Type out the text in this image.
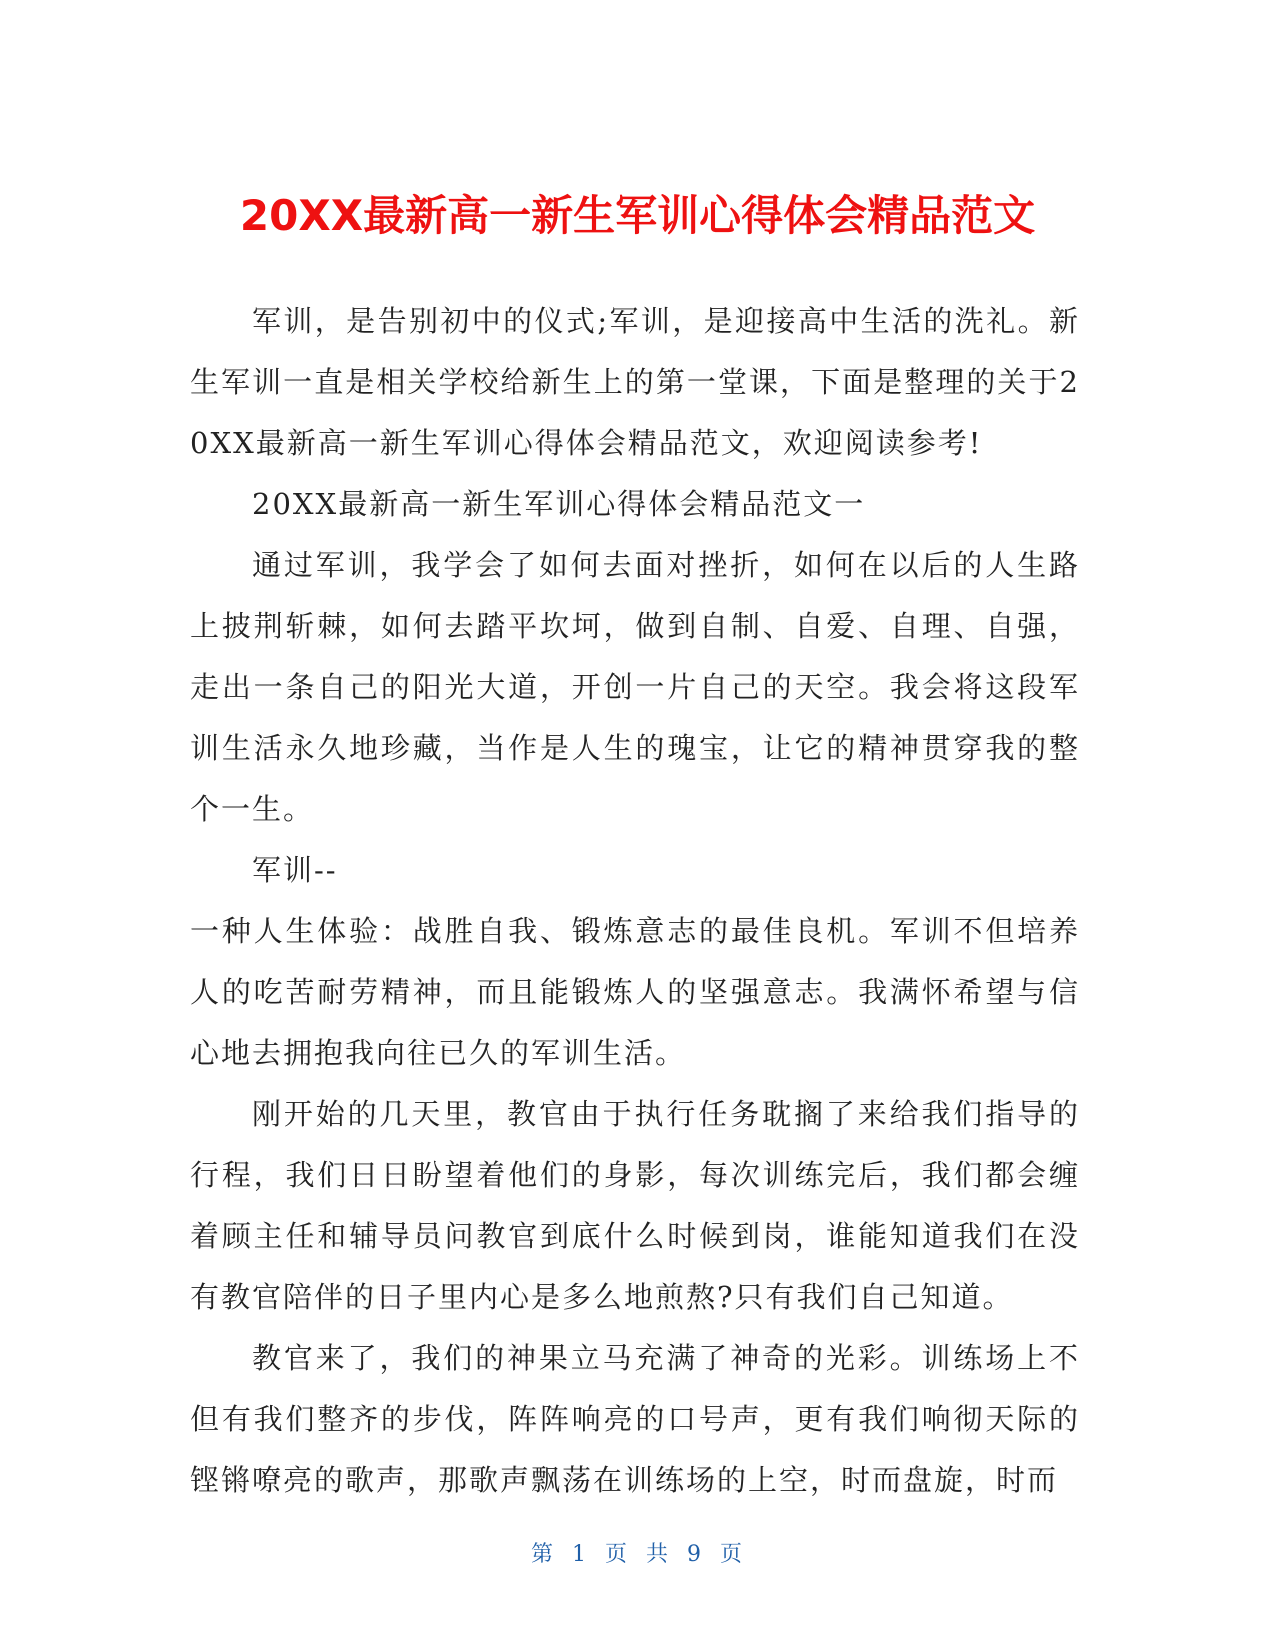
20XX最新高一新生军训心得体会精品范文

军训，是告别初中的仪式;军训，是迎接高中生活的洗礼。新生军训一直是相关学校给新生上的第一堂课，下面是整理的关于20XX最新高一新生军训心得体会精品范文，欢迎阅读参考!

20XX最新高一新生军训心得体会精品范文一

通过军训，我学会了如何去面对挫折，如何在以后的人生路上披荆斩棘，如何去踏平坎坷，做到自制、自爱、自理、自强，走出一条自己的阳光大道，开创一片自己的天空。我会将这段军训生活永久地珍藏，当作是人生的瑰宝，让它的精神贯穿我的整个一生。

军训--

一种人生体验：战胜自我、锻炼意志的最佳良机。军训不但培养人的吃苦耐劳精神，而且能锻炼人的坚强意志。我满怀希望与信心地去拥抱我向往已久的军训生活。

刚开始的几天里，教官由于执行任务耽搁了来给我们指导的行程，我们日日盼望着他们的身影，每次训练完后，我们都会缠着顾主任和辅导员问教官到底什么时候到岗，谁能知道我们在没有教官陪伴的日子里内心是多么地煎熬?只有我们自己知道。

教官来了，我们的神果立马充满了神奇的光彩。训练场上不但有我们整齐的步伐，阵阵响亮的口号声，更有我们响彻天际的铿锵嘹亮的歌声，那歌声飘荡在训练场的上空，时而盘旋，时而

第 1 页 共 9 页
